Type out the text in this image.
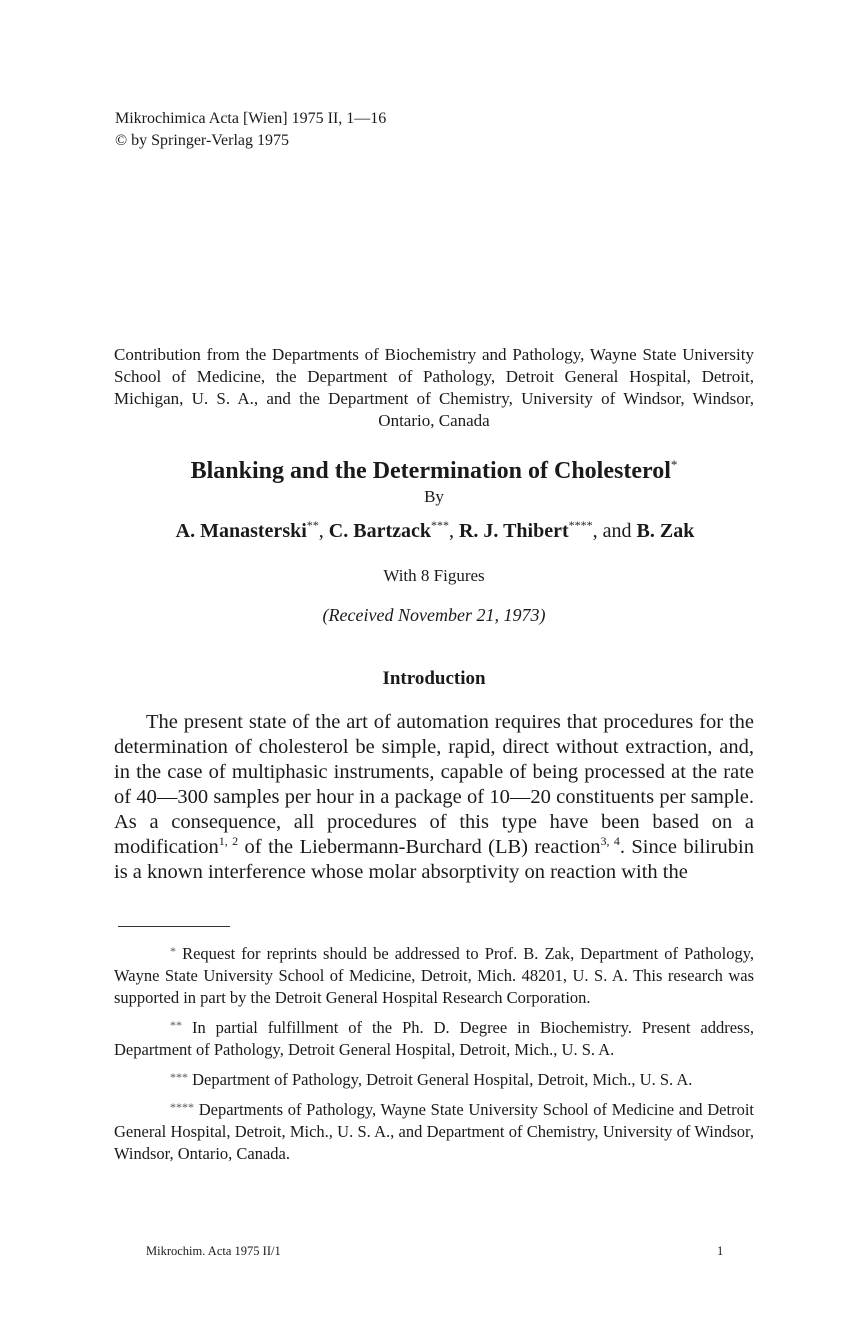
Mikrochimica Acta [Wien] 1975 II, 1—16
© by Springer-Verlag 1975
Contribution from the Departments of Biochemistry and Pathology, Wayne State University School of Medicine, the Department of Pathology, Detroit General Hospital, Detroit, Michigan, U. S. A., and the Department of Chemistry, University of Windsor, Windsor, Ontario, Canada
Blanking and the Determination of Cholesterol*
By
A. Manasterski**, C. Bartzack***, R. J. Thibert****, and B. Zak
With 8 Figures
(Received November 21, 1973)
Introduction

The present state of the art of automation requires that procedures for the determination of cholesterol be simple, rapid, direct without extraction, and, in the case of multiphasic instruments, capable of being processed at the rate of 40—300 samples per hour in a package of 10—20 constituents per sample. As a consequence, all procedures of this type have been based on a modification$^{1, 2}$ of the Liebermann-Burchard (LB) reaction$^{3, 4}$. Since bilirubin is a known interference whose molar absorptivity on reaction with the

* Request for reprints should be addressed to Prof. B. Zak, Department of Pathology, Wayne State University School of Medicine, Detroit, Mich. 48201, U. S. A. This research was supported in part by the Detroit General Hospital Research Corporation.

** In partial fulfillment of the Ph. D. Degree in Biochemistry. Present address, Department of Pathology, Detroit General Hospital, Detroit, Mich., U. S. A.

*** Department of Pathology, Detroit General Hospital, Detroit, Mich., U. S. A.

**** Departments of Pathology, Wayne State University School of Medicine and Detroit General Hospital, Detroit, Mich., U. S. A., and Department of Chemistry, University of Windsor, Windsor, Ontario, Canada.

Mikrochim. Acta 1975 II/1	1
